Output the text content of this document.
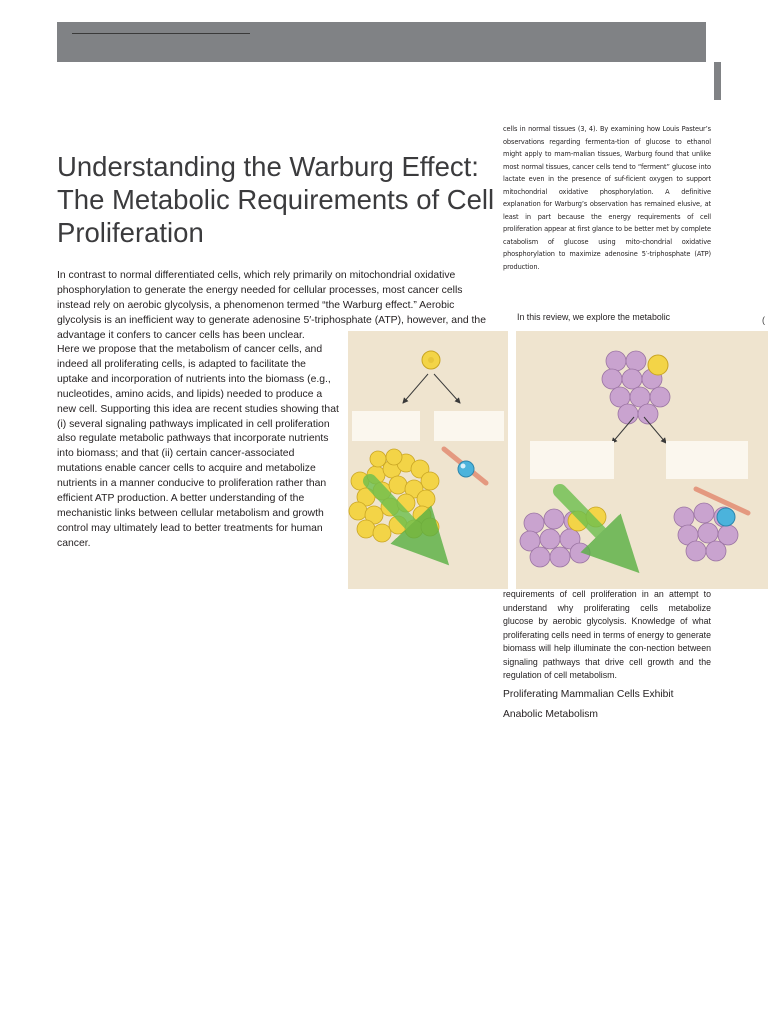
Understanding the Warburg Effect: The Metabolic Requirements of Cell Proliferation

In contrast to normal differentiated cells, which rely primarily on mitochondrial oxidative phosphorylation to generate the energy needed for cellular processes, most cancer cells instead rely on aerobic glycolysis, a phenomenon termed “the Warburg effect.” Aerobic glycolysis is an inefficient way to generate adenosine 5′-triphosphate (ATP), however, and the advantage it confers to cancer cells has been unclear.

Here we propose that the metabolism of cancer cells, and indeed all proliferating cells, is adapted to facilitate the uptake and incorporation of nutrients into the biomass (e.g., nucleotides, amino acids, and lipids) needed to produce a new cell. Supporting this idea are recent studies showing that (i) several signaling pathways implicated in cell proliferation also regulate metabolic pathways that incorporate nutrients into biomass; and that (ii) certain cancer-associated mutations enable cancer cells to acquire and metabolize nutrients in a manner conducive to proliferation rather than efficient ATP production. A better understanding of the mechanistic links between cellular metabolism and growth control may ultimately lead to better treatments for human cancer.

cells in normal tissues (3, 4). By examining how Louis Pasteur’s observations regarding fermenta-tion of glucose to ethanol might apply to mam-malian tissues, Warburg found that unlike most normal tissues, cancer cells tend to “ferment” glucose into lactate even in the presence of suf-ficient oxygen to support mitochondrial oxidative phosphorylation. A definitive explanation for Warburg’s observation has remained elusive, at least in part because the energy requirements of cell proliferation appear at first glance to be better met by complete catabolism of glucose using mito-chondrial oxidative phosphorylation to maximize adenosine 5′-triphosphate (ATP) production.

In this review, we explore the metabolic	(

requirements of cell proliferation in an attempt to understand why proliferating cells metabolize glucose by aerobic glycolysis. Knowledge of what proliferating cells need in terms of energy to generate biomass will help illuminate the con-nection between signaling pathways that drive cell growth and the regulation of cell metabolism.

Proliferating Mammalian Cells Exhibit

Anabolic Metabolism
